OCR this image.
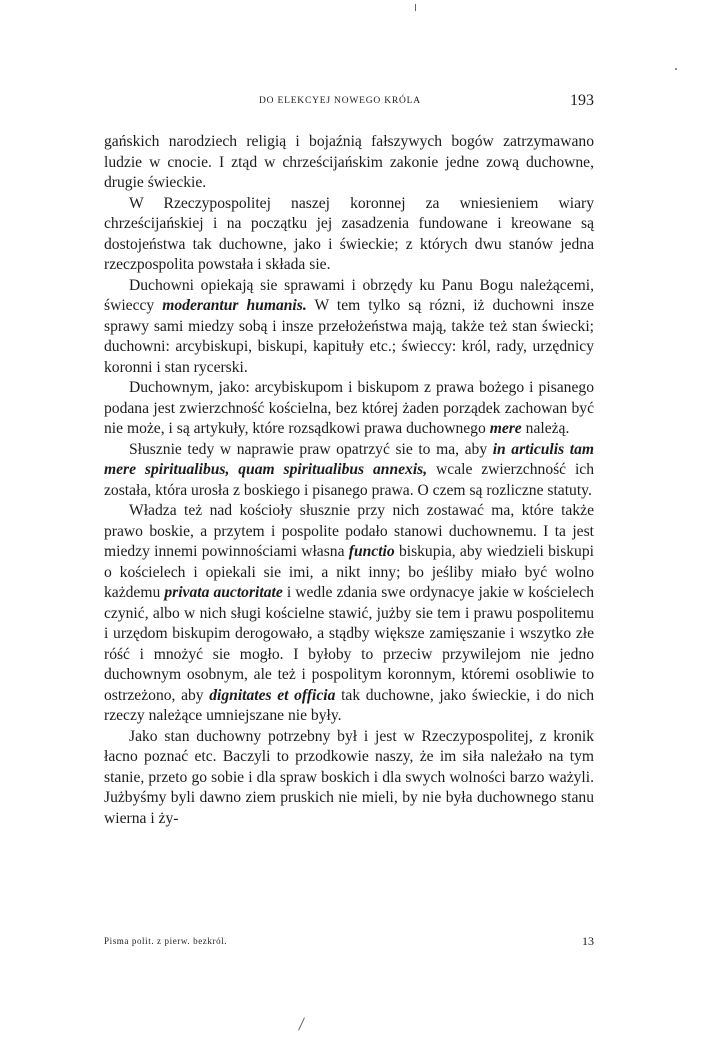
DO ELEKCYEJ NOWEGO KRÓLA	193

gańskich narodziech religią i bojaźnią fałszywych bogów zatrzymawano ludzie w cnocie. I ztąd w chrześcijańskim zakonie jedne zową duchowne, drugie świeckie.

W Rzeczypospolitej naszej koronnej za wniesieniem wiary chrześcijańskiej i na początku jej zasadzenia fundowane i kreowane są dostojeństwa tak duchowne, jako i świeckie; z których dwu stanów jedna rzeczpospolita powstała i składa sie.

Duchowni opiekają sie sprawami i obrzędy ku Panu Bogu należącemi, świeccy moderantur humanis. W tem tylko są rózni, iż duchowni insze sprawy sami miedzy sobą i insze przełożeństwa mają, także też stan świecki; duchowni: arcybiskupi, biskupi, kapituły etc.; świeccy: król, rady, urzędnicy koronni i stan rycerski.

Duchownym, jako: arcybiskupom i biskupom z prawa bożego i pisanego podana jest zwierzchność kościelna, bez której żaden porządek zachowan być nie może, i są artykuły, które rozsądkowi prawa duchownego mere należą.

Słusznie tedy w naprawie praw opatrzyć sie to ma, aby in articulis tam mere spiritualibus, quam spiritualibus annexis, wcale zwierzchność ich została, która urosła z boskiego i pisanego prawa. O czem są rozliczne statuty.

Władza też nad kościoły słusznie przy nich zostawać ma, które także prawo boskie, a przytem i pospolite podało stanowi duchownemu. I ta jest miedzy innemi powinnościami własna functio biskupia, aby wiedzieli biskupi o kościelech i opiekali sie imi, a nikt inny; bo jeśliby miało być wolno każdemu privata auctoritate i wedle zdania swe ordynacye jakie w kościelech czynić, albo w nich sługi kościelne stawić, jużby sie tem i prawu pospolitemu i urzędom biskupim derogowało, a stądby większe zamięszanie i wszytko złe róść i mnożyć sie mogło. I byłoby to przeciw przywilejom nie jedno duchownym osobnym, ale też i pospolitym koronnym, któremi osobliwie to ostrzeżono, aby dignitates et officia tak duchowne, jako świeckie, i do nich rzeczy należące umniejszane nie były.

Jako stan duchowny potrzebny był i jest w Rzeczypospolitej, z kronik łacno poznać etc. Baczyli to przodkowie naszy, że im siła należało na tym stanie, przeto go sobie i dla spraw boskich i dla swych wolności barzo ważyli. Jużbyśmy byli dawno ziem pruskich nie mieli, by nie była duchownego stanu wierna i ży-

Pisma polit. z pierw. bezkról.	13
